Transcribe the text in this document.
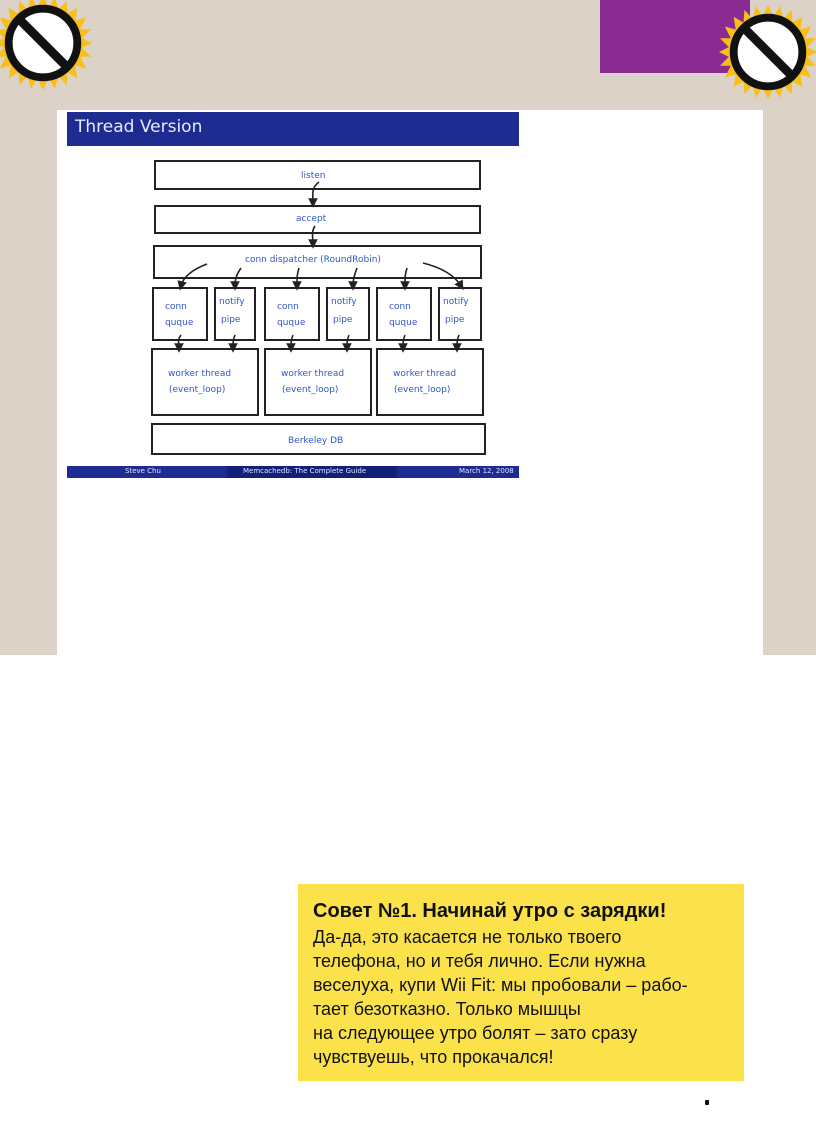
Thread Version
listen
accept
conn dispatcher (RoundRobin)
conn
quque
notify
pipe
conn
quque
notify
pipe
conn
quque
notify
pipe
worker thread
(event_loop)
worker thread
(event_loop)
worker thread
(event_loop)
Berkeley DB
Steve Chu	Memcachedb: The Complete Guide	March 12, 2008
Совет №1. Начинай утро с зарядки!
Да-да, это касается не только твоего
телефона, но и тебя лично. Если нужна
веселуха, купи Wii Fit: мы пробовали – рабо-
тает безотказно. Только мышцы
на следующее утро болят – зато сразу
чувствуешь, что прокачался!
